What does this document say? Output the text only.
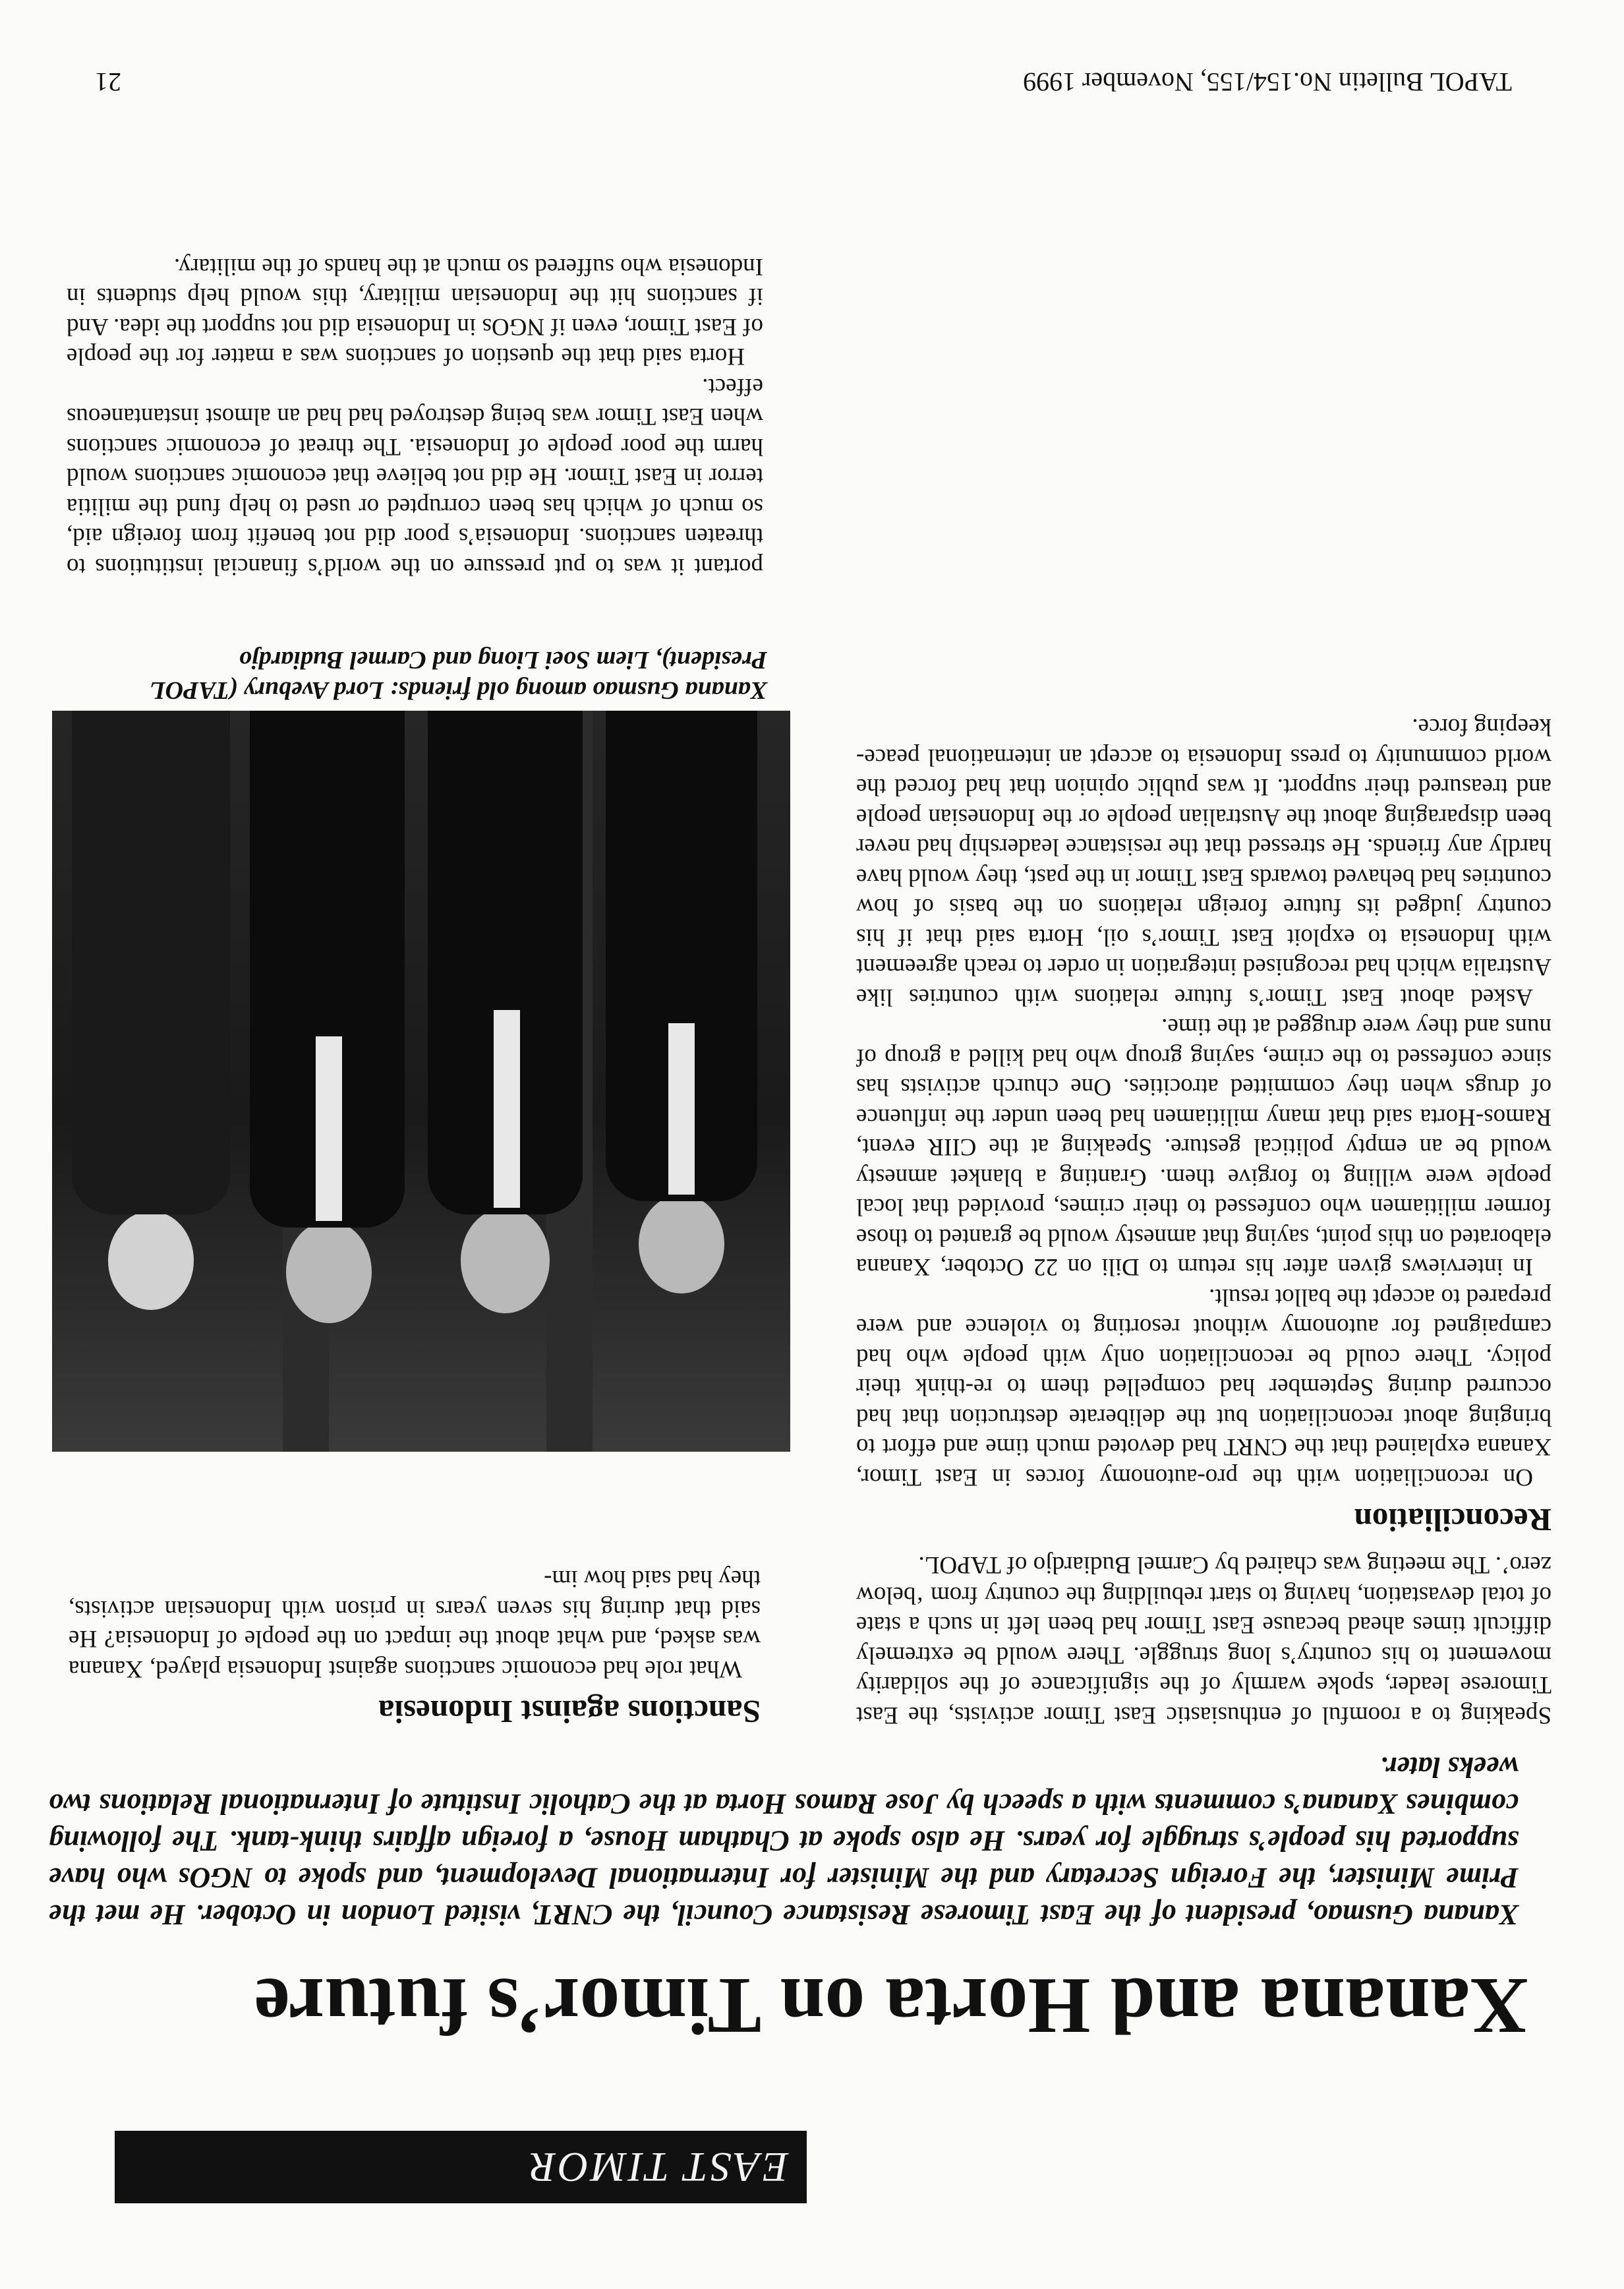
EAST TIMOR
Xanana and Horta on Timor’s future

Xanana Gusmao, president of the East Timorese Resistance Council, the CNRT, visited London in October. He met the Prime Minister, the Foreign Secretary and the Minister for International Development, and spoke to NGOs who have supported his people’s struggle for years. He also spoke at Chatham House, a foreign affairs think-tank. The following combines Xanana’s comments with a speech by Jose Ramos Horta at the Catholic Institute of International Relations two weeks later.

Speaking to a roomful of enthusiastic East Timor activists, the East Timorese leader, spoke warmly of the significance of the solidarity movement to his country’s long struggle. There would be extremely difficult times ahead because East Timor had been left in such a state of total devastation, having to start rebuilding the country from ‘below zero’. The meeting was chaired by Carmel Budiardjo of TAPOL.

Reconciliation

On reconciliation with the pro-autonomy forces in East Timor, Xanana explained that the CNRT had devoted much time and effort to bringing about reconciliation but the deliberate destruction that had occurred during September had compelled them to re-think their policy. There could be reconciliation only with people who had campaigned for autonomy without resorting to violence and were prepared to accept the ballot result.

In interviews given after his return to Dili on 22 October, Xanana elaborated on this point, saying that amnesty would be granted to those former militiamen who confessed to their crimes, provided that local people were willing to forgive them. Granting a blanket amnesty would be an empty political gesture. Speaking at the CIIR event, Ramos-Horta said that many militiamen had been under the influence of drugs when they committed atrocities. One church activists has since confessed to the crime, saying group who had killed a group of nuns and they were drugged at the time.

Asked about East Timor’s future relations with countries like Australia which had recognised integration in order to reach agreement with Indonesia to exploit East Timor’s oil, Horta said that if his country judged its future foreign relations on the basis of how countries had behaved towards East Timor in the past, they would have hardly any friends. He stressed that the resistance leadership had never been disparaging about the Australian people or the Indonesian people and treasured their support. It was public opinion that had forced the world community to press Indonesia to accept an international peace-keeping force.

Sanctions against Indonesia

What role had economic sanctions against Indonesia played, Xanana was asked, and what about the impact on the people of Indonesia? He said that during his seven years in prison with Indonesian activists, they had said how im-

Xanana Gusmao among old friends: Lord Avebury (TAPOL President), Liem Soei Liong and Carmel Budiardjo

portant it was to put pressure on the world’s financial institutions to threaten sanctions. Indonesia’s poor did not benefit from foreign aid, so much of which has been corrupted or used to help fund the militia terror in East Timor. He did not believe that economic sanctions would harm the poor people of Indonesia. The threat of economic sanctions when East Timor was being destroyed had had an almost instantaneous effect.

Horta said that the question of sanctions was a matter for the people of East Timor, even if NGOs in Indonesia did not support the idea. And if sanctions hit the Indonesian military, this would help students in Indonesia who suffered so much at the hands of the military.

TAPOL Bulletin No.154/155, November 1999
21
